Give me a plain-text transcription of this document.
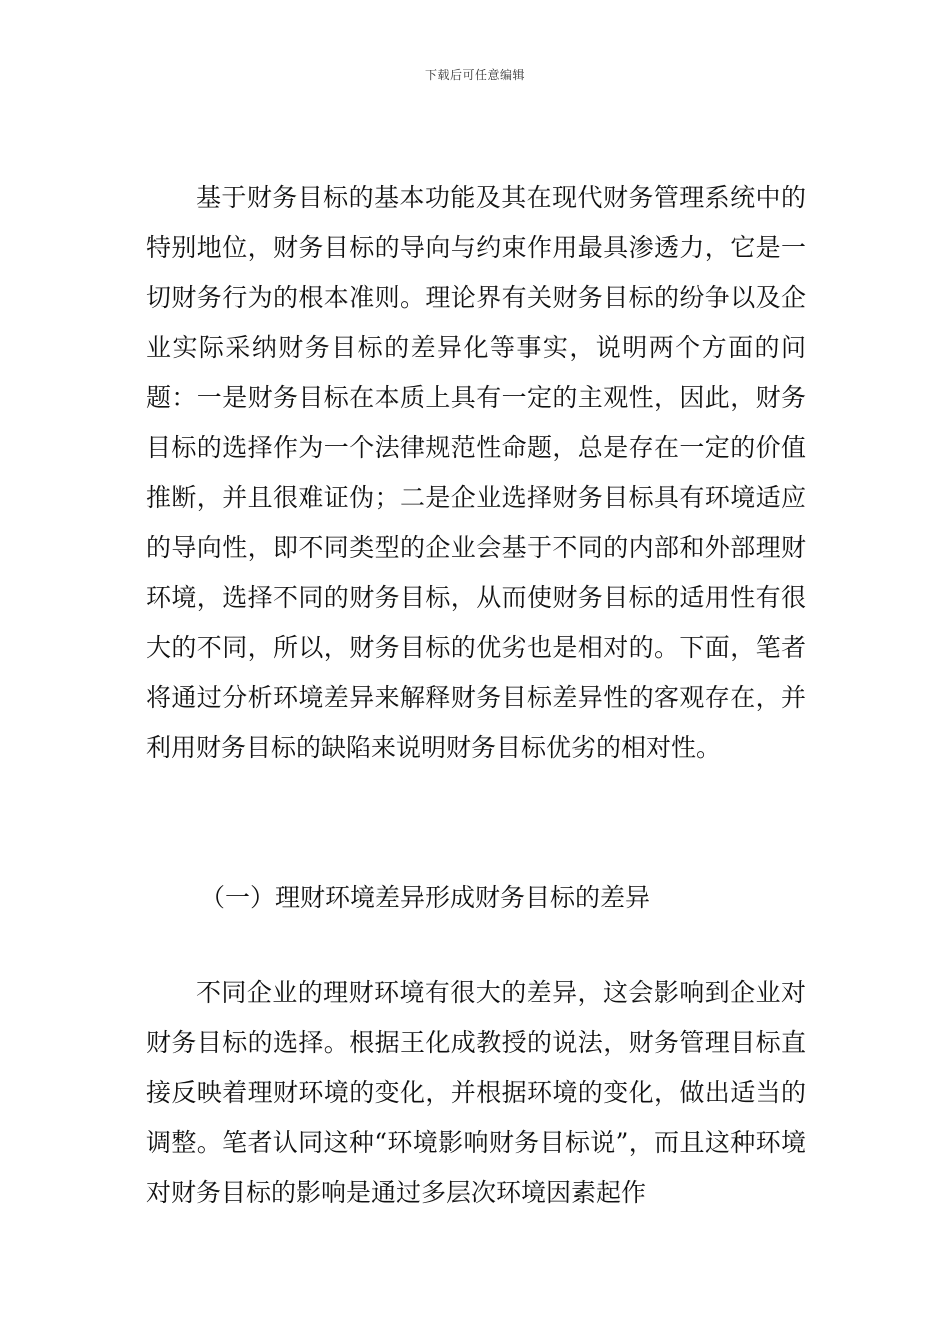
下载后可任意编辑

基于财务目标的基本功能及其在现代财务管理系统中的特别地位，财务目标的导向与约束作用最具渗透力，它是一切财务行为的根本准则。理论界有关财务目标的纷争以及企业实际采纳财务目标的差异化等事实，说明两个方面的问题：一是财务目标在本质上具有一定的主观性，因此，财务目标的选择作为一个法律规范性命题，总是存在一定的价值推断，并且很难证伪；二是企业选择财务目标具有环境适应的导向性，即不同类型的企业会基于不同的内部和外部理财环境，选择不同的财务目标，从而使财务目标的适用性有很大的不同，所以，财务目标的优劣也是相对的。下面，笔者将通过分析环境差异来解释财务目标差异性的客观存在，并利用财务目标的缺陷来说明财务目标优劣的相对性。

（一）理财环境差异形成财务目标的差异

不同企业的理财环境有很大的差异，这会影响到企业对财务目标的选择。根据王化成教授的说法，财务管理目标直接反映着理财环境的变化，并根据环境的变化，做出适当的调整。笔者认同这种“环境影响财务目标说”，而且这种环境对财务目标的影响是通过多层次环境因素起作
